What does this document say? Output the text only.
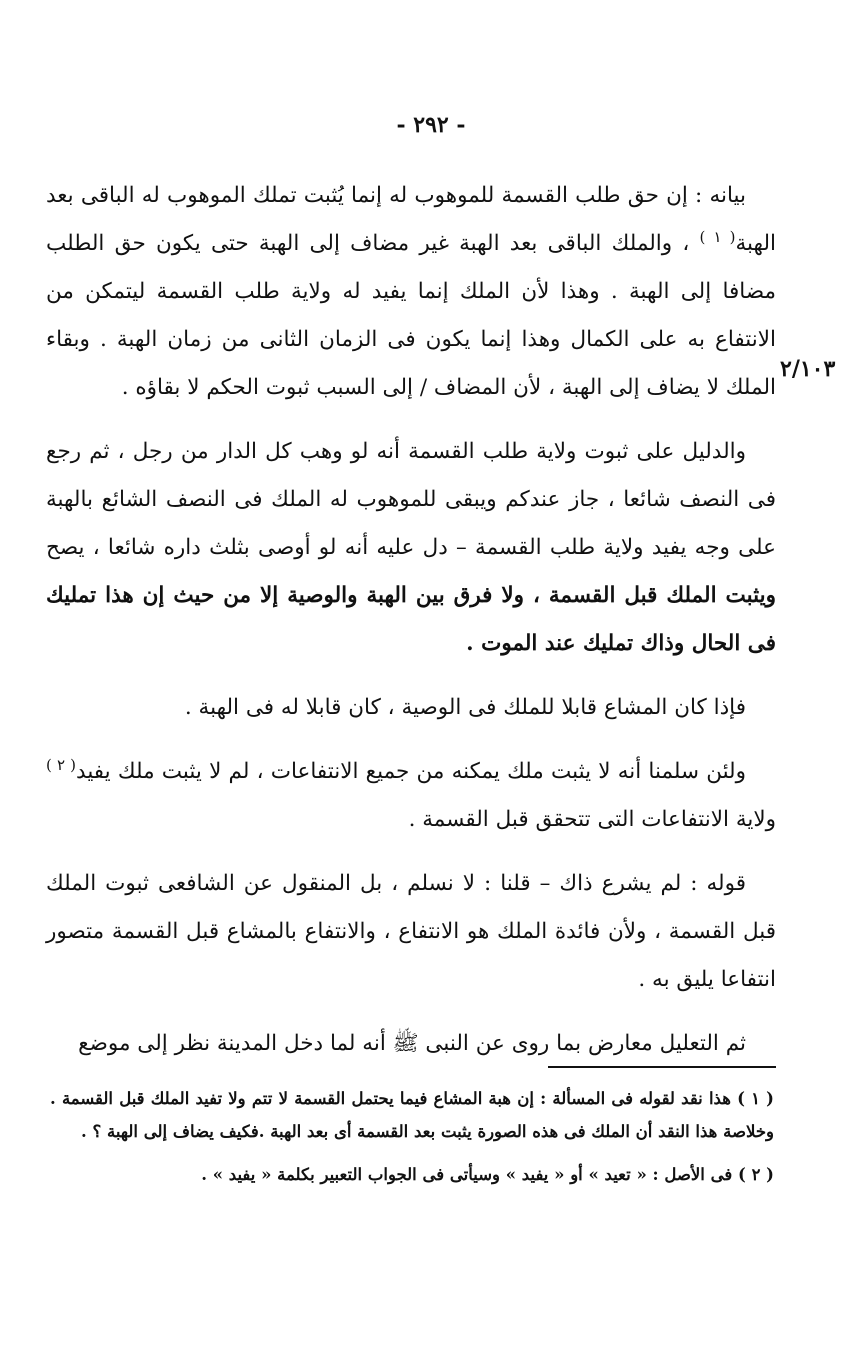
- ٢٩٢ -
٢/١٠٣

بيانه : إن حق طلب القسمة للموهوب له إنما يُثبت تملك الموهوب له الباقى بعد الهبة$^{( ١ )}$ ، والملك الباقى بعد الهبة غير مضاف إلى الهبة حتى يكون حق الطلب مضافا إلى الهبة . وهذا لأن الملك إنما يفيد له ولاية طلب القسمة ليتمكن من الانتفاع به على الكمال وهذا إنما يكون فى الزمان الثانى من زمان الهبة . وبقاء الملك لا يضاف إلى الهبة ، لأن المضاف / إلى السبب ثبوت الحكم لا بقاؤه .

والدليل على ثبوت ولاية طلب القسمة أنه لو وهب كل الدار من رجل ، ثم رجع فى النصف شائعا ، جاز عندكم ويبقى للموهوب له الملك فى النصف الشائع بالهبة على وجه يفيد ولاية طلب القسمة – دل عليه أنه لو أوصى بثلث داره شائعا ، يصح ويثبت الملك قبل القسمة ، ولا فرق بين الهبة والوصية إلا من حيث إن هذا تمليك فى الحال وذاك تمليك عند الموت .

فإذا كان المشاع قابلا للملك فى الوصية ، كان قابلا له فى الهبة .

ولئن سلمنا أنه لا يثبت ملك يمكنه من جميع الانتفاعات ، لم لا يثبت ملك يفيد$^{( ٢ )}$ ولاية الانتفاعات التى تتحقق قبل القسمة .

قوله : لم يشرع ذاك – قلنا : لا نسلم ، بل المنقول عن الشافعى ثبوت الملك قبل القسمة ، ولأن فائدة الملك هو الانتفاع ، والانتفاع بالمشاع قبل القسمة متصور انتفاعا يليق به .

ثم التعليل معارض بما روى عن النبى ﷺ أنه لما دخل المدينة نظر إلى موضع

( ١ ) هذا نقد لقوله فى المسألة : إن هبة المشاع فيما يحتمل القسمة لا تتم ولا تفيد الملك قبل القسمة . وخلاصة هذا النقد أن الملك فى هذه الصورة يثبت بعد القسمة أى بعد الهبة .فكيف يضاف إلى الهبة ؟ .

( ٢ ) فى الأصل : « تعيد » أو « يفيد » وسيأتى فى الجواب التعبير بكلمة « يفيد » .
